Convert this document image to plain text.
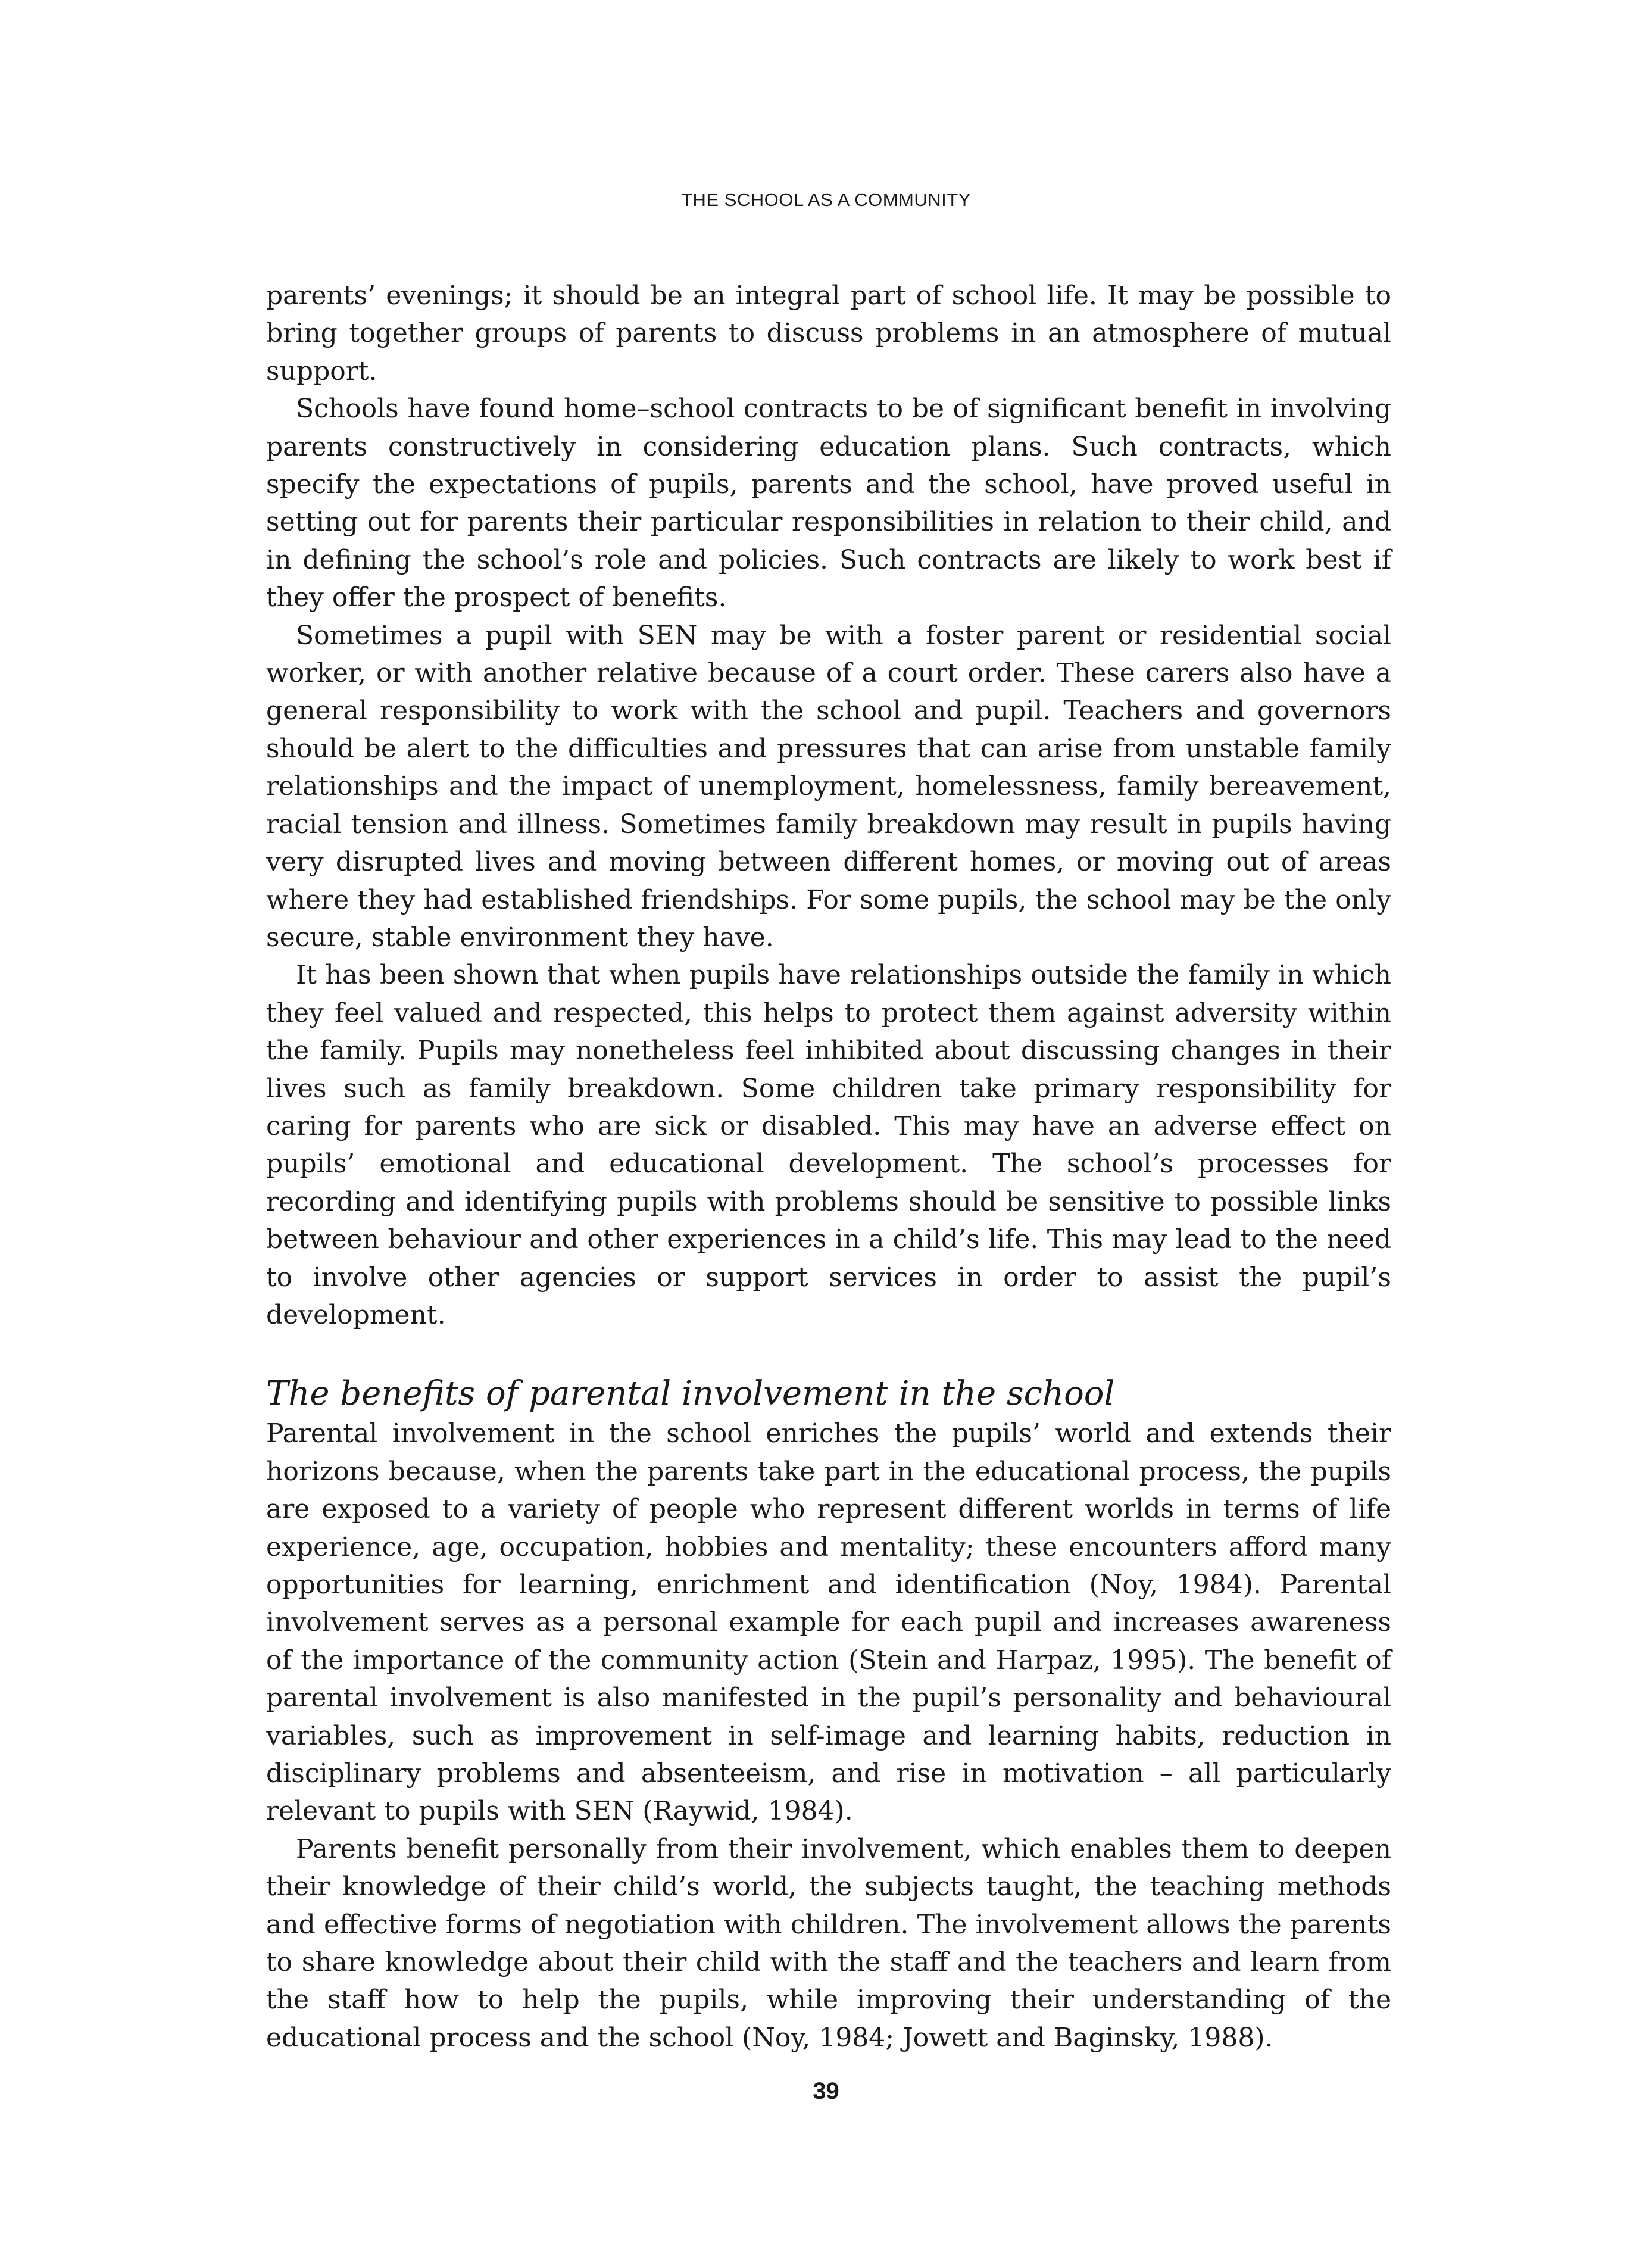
THE SCHOOL AS A COMMUNITY

parents’ evenings; it should be an integral part of school life. It may be possible to bring together groups of parents to discuss problems in an atmosphere of mutual support.

Schools have found home–school contracts to be of significant benefit in involving parents constructively in considering education plans. Such contracts, which specify the expectations of pupils, parents and the school, have proved useful in setting out for parents their particular responsibilities in relation to their child, and in defining the school’s role and policies. Such contracts are likely to work best if they offer the prospect of benefits.

Sometimes a pupil with SEN may be with a foster parent or residential social worker, or with another relative because of a court order. These carers also have a general responsibility to work with the school and pupil. Teachers and governors should be alert to the difficulties and pressures that can arise from unstable family relationships and the impact of unemployment, homelessness, family bereavement, racial tension and illness. Sometimes family breakdown may result in pupils having very disrupted lives and moving between different homes, or moving out of areas where they had established friendships. For some pupils, the school may be the only secure, stable environment they have.

It has been shown that when pupils have relationships outside the family in which they feel valued and respected, this helps to protect them against adversity within the family. Pupils may nonetheless feel inhibited about discussing changes in their lives such as family breakdown. Some children take primary responsibility for caring for parents who are sick or disabled. This may have an adverse effect on pupils’ emotional and educational development. The school’s processes for recording and identifying pupils with problems should be sensitive to possible links between behaviour and other experiences in a child’s life. This may lead to the need to involve other agencies or support services in order to assist the pupil’s development.

The benefits of parental involvement in the school

Parental involvement in the school enriches the pupils’ world and extends their horizons because, when the parents take part in the educational process, the pupils are exposed to a variety of people who represent different worlds in terms of life experience, age, occupation, hobbies and mentality; these encounters afford many opportunities for learning, enrichment and identification (Noy, 1984). Parental involvement serves as a personal example for each pupil and increases awareness of the importance of the community action (Stein and Harpaz, 1995). The benefit of parental involvement is also manifested in the pupil’s personality and behavioural variables, such as improvement in self-image and learning habits, reduction in disciplinary problems and absenteeism, and rise in motivation – all particularly relevant to pupils with SEN (Raywid, 1984).

Parents benefit personally from their involvement, which enables them to deepen their knowledge of their child’s world, the subjects taught, the teaching methods and effective forms of negotiation with children. The involvement allows the parents to share knowledge about their child with the staff and the teachers and learn from the staff how to help the pupils, while improving their understanding of the educational process and the school (Noy, 1984; Jowett and Baginsky, 1988).

39
